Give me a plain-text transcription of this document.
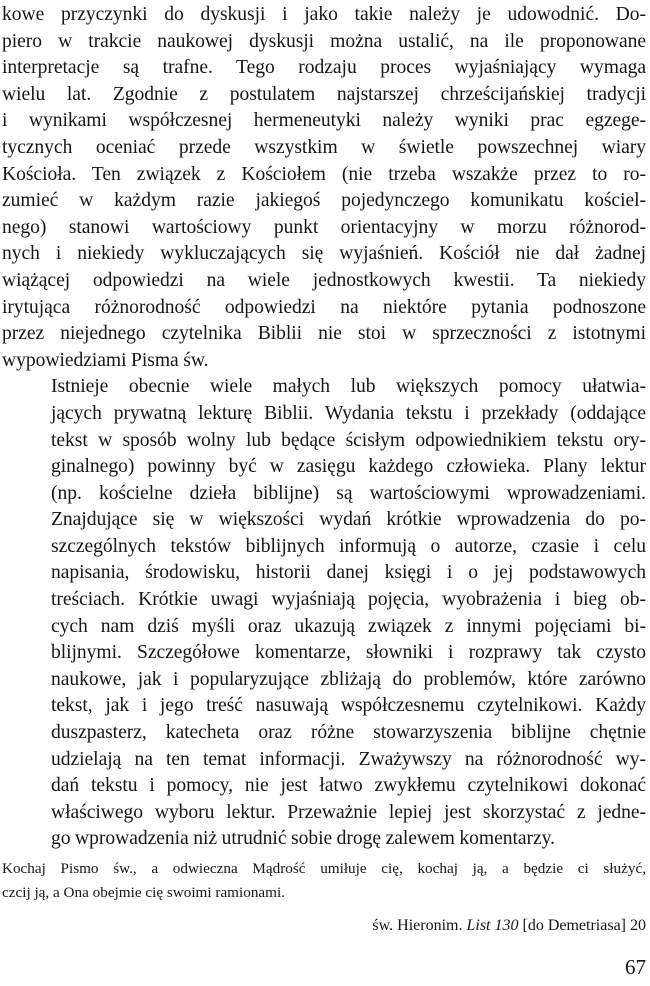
kowe przyczynki do dyskusji i jako takie należy je udowodnić. Do-
piero w trakcie naukowej dyskusji można ustalić, na ile proponowane
interpretacje są trafne. Tego rodzaju proces wyjaśniający wymaga
wielu lat. Zgodnie z postulatem najstarszej chrześcijańskiej tradycji
i wynikami współczesnej hermeneutyki należy wyniki prac egzege-
tycznych oceniać przede wszystkim w świetle powszechnej wiary
Kościoła. Ten związek z Kościołem (nie trzeba wszakże przez to ro-
zumieć w każdym razie jakiegoś pojedynczego komunikatu kościel-
nego) stanowi wartościowy punkt orientacyjny w morzu różnorod-
nych i niekiedy wykluczających się wyjaśnień. Kościół nie dał żadnej
wiążącej odpowiedzi na wiele jednostkowych kwestii. Ta niekiedy
irytująca różnorodność odpowiedzi na niektóre pytania podnoszone
przez niejednego czytelnika Biblii nie stoi w sprzeczności z istotnymi
wypowiedziami Pisma św.

Istnieje obecnie wiele małych lub większych pomocy ułatwia-
jących prywatną lekturę Biblii. Wydania tekstu i przekłady (oddające
tekst w sposób wolny lub będące ścisłym odpowiednikiem tekstu ory-
ginalnego) powinny być w zasięgu każdego człowieka. Plany lektur
(np. kościelne dzieła biblijne) są wartościowymi wprowadzeniami.
Znajdujące się w większości wydań krótkie wprowadzenia do po-
szczególnych tekstów biblijnych informują o autorze, czasie i celu
napisania, środowisku, historii danej księgi i o jej podstawowych
treściach. Krótkie uwagi wyjaśniają pojęcia, wyobrażenia i bieg ob-
cych nam dziś myśli oraz ukazują związek z innymi pojęciami bi-
blijnymi. Szczegółowe komentarze, słowniki i rozprawy tak czysto
naukowe, jak i popularyzujące zbliżają do problemów, które zarówno
tekst, jak i jego treść nasuwają współczesnemu czytelnikowi. Każdy
duszpasterz, katecheta oraz różne stowarzyszenia biblijne chętnie
udzielają na ten temat informacji. Zważywszy na różnorodność wy-
dań tekstu i pomocy, nie jest łatwo zwykłemu czytelnikowi dokonać
właściwego wyboru lektur. Przeważnie lepiej jest skorzystać z jedne-
go wprowadzenia niż utrudnić sobie drogę zalewem komentarzy.

Kochaj Pismo św., a odwieczna Mądrość umiłuje cię, kochaj ją, a będzie ci służyć,
czcij ją, a Ona obejmie cię swoimi ramionami.
św. Hieronim. List 130 [do Demetriasa] 20
67
